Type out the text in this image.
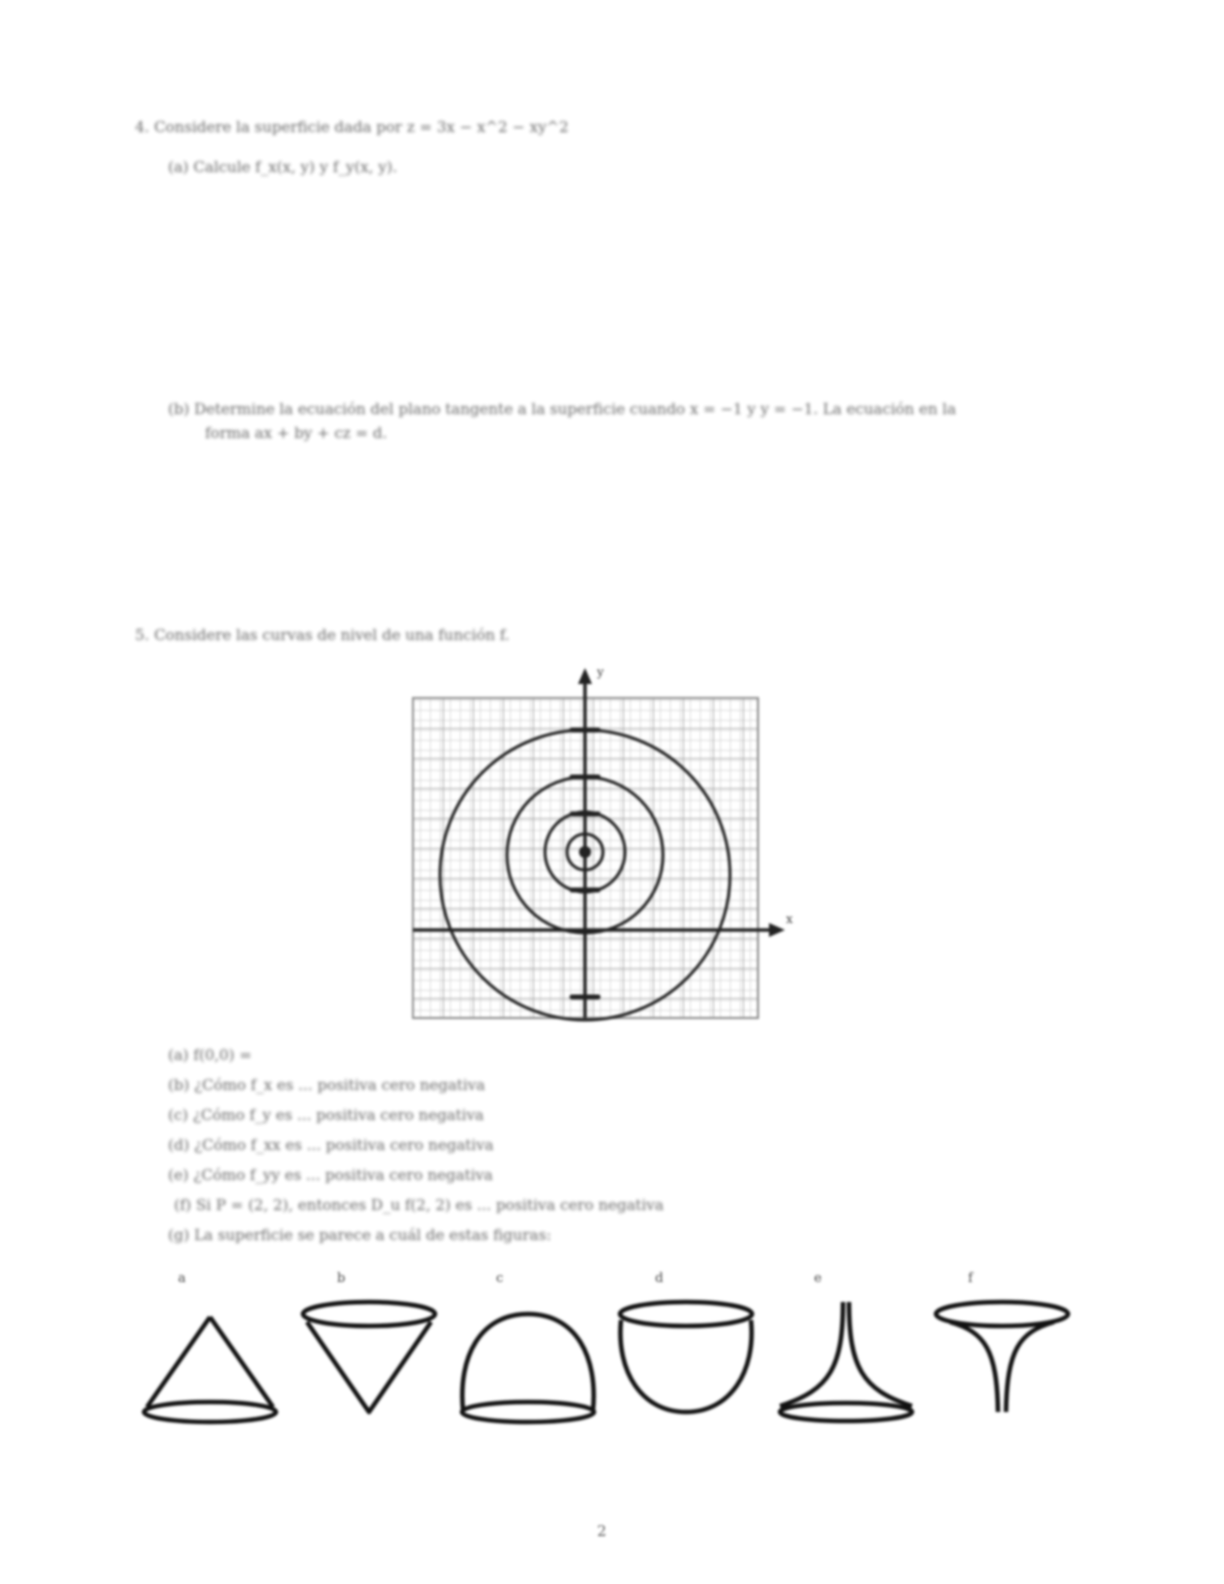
4. Considere la superficie dada por z = 3x − x^2 − xy^2
(a) Calcule f_x(x, y) y f_y(x, y).
(b) Determine la ecuación del plano tangente a la superficie cuando x = −1 y y = −1. La ecuación en la
forma ax + by + cz = d.
5. Considere las curvas de nivel de una función f.
y
x
(a) f(0,0) =
(b) ¿Cómo f_x es ... positiva cero negativa
(c) ¿Cómo f_y es ... positiva cero negativa
(d) ¿Cómo f_xx es ... positiva cero negativa
(e) ¿Cómo f_yy es ... positiva cero negativa
(f) Si P = (2, 2), entonces D_u f(2, 2) es ... positiva cero negativa
(g) La superficie se parece a cuál de estas figuras:
a	b	c	d	e	f
2
